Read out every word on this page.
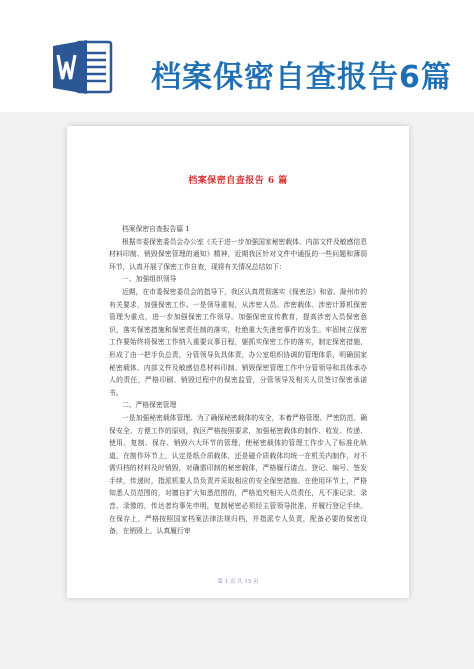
档案保密自查报告6篇
档案保密自查报告 6 篇

档案保密自查报告篇 1

根据市委保密委员会办公室《关于进一步加强国家秘密载体、内部文件及敏感信息材料印制、销毁保密管理的通知》精神，近期我区针对文件中通报的一些问题和薄弱环节，认真开展了保密工作自查，现将有关情况总结如下：

一、加强组织领导

近期，在市委保密委员会的指导下，我区认真贯彻落实《保密法》和省、滁州市的有关要求，加强保密工作。一是领导重视，从涉密人员、涉密载体、涉密计算机保密管理为重点，进一步加强保密工作领导。加强保密宣传教育，提高涉密人员保密意识，落实保密措施和保密责任制的落实，杜绝重大失泄密事件的发生。牢固树立保密工作要始终将保密工作纳入重要议事日程，躯抓实保密工作的落实，制定保密措施，形成了由一把手负总责，分管领导负具体责，办公室组织协调的管理体系，明确国家秘密载体、内部文件及敏感信息材料印制、销毁保密管理工作中分管领导和具体承办人的责任，严格印刷、销毁过程中的保密监管，分管领导及相关人员签订保密承诺书。

二、严格保密管理

一是加强秘密载体管理。为了确保秘密载体的安全，本着严格管理、严密防范、确保安全、方便工作的原则，我区严格按照要求，加强秘密载体的制作、收发、传递、使用、复制、保存、销毁六大环节的管理，使秘密载体的管理工作步入了标准化轨道。在制作环节上，认定是纸介质载体，还是磁介质载体均统一在机关内制作，对不需归档的材料及时销毁，对确需印制的秘密载体，严格履行请点、登记、编号、签发手续，传递时，指派机要人员负责并采取相应的安全保密措施。在使用环节上，严格知悉人员范围的，对擅自扩大知悉范围的，严格追究相关人员责任，凡不准记录、录音、录像的，传达者均事先申明，复制秘密必须经主管领导批准，并履行登记手续。在保存上，严格按照国家档案法律法规归档，并指派专人负责，配备必要的保密设备，在销毁上，认真履行审

第 1 页 共 15 页
